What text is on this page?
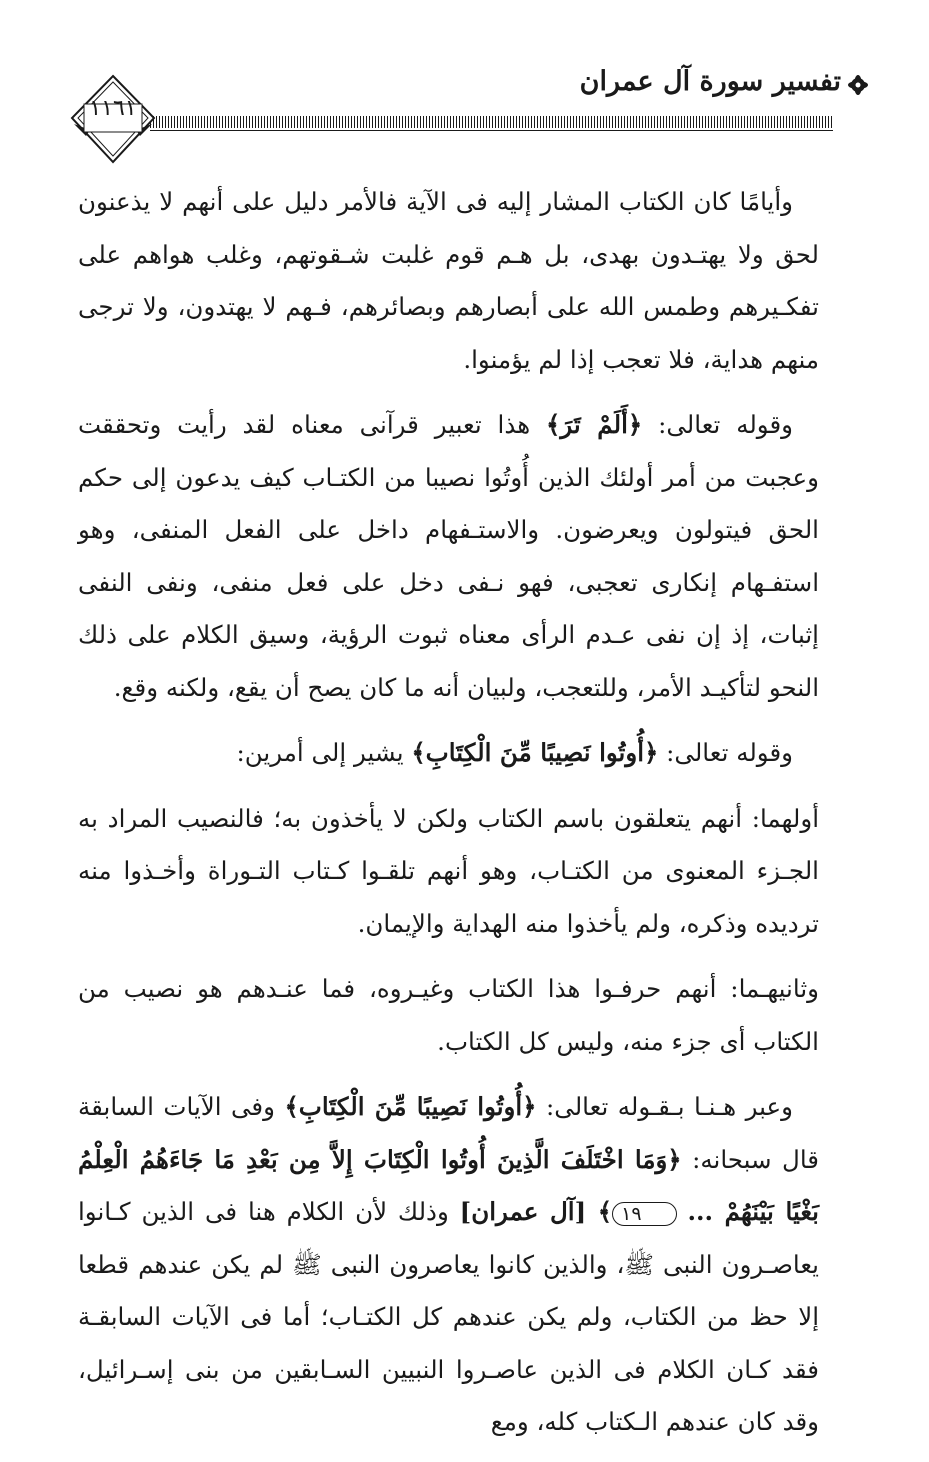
تفسير سورة آل عمران
١١٦١

وأيامًا كان الكتاب المشار إليه فى الآية فالأمر دليل على أنهم لا يذعنون لحق ولا يهتـدون بهدى، بل هـم قوم غلبت شـقوتهم، وغلب هواهم على تفكـيرهم وطمس الله على أبصارهم وبصائرهم، فـهم لا يهتدون، ولا ترجى منهم هداية، فلا تعجب إذا لم يؤمنوا.

وقوله تعالى: ﴿أَلَمْ تَرَ﴾ هذا تعبير قرآنى معناه لقد رأيت وتحققت وعجبت من أمر أولئك الذين أُوتُوا نصيبا من الكتـاب كيف يدعون إلى حكم الحق فيتولون ويعرضون. والاستـفهام داخل على الفعل المنفى، وهو استفـهام إنكارى تعجبى، فهو نـفى دخل على فعل منفى، ونفى النفى إثبات، إذ إن نفى عـدم الرأى معناه ثبوت الرؤية، وسيق الكلام على ذلك النحو لتأكيـد الأمر، وللتعجب، ولبيان أنه ما كان يصح أن يقع، ولكنه وقع.

وقوله تعالى: ﴿أُوتُوا نَصِيبًا مِّنَ الْكِتَابِ﴾ يشير إلى أمرين:

أولهما: أنهم يتعلقون باسم الكتاب ولكن لا يأخذون به؛ فالنصيب المراد به الجـزء المعنوى من الكتـاب، وهو أنهم تلقـوا كـتاب التـوراة وأخـذوا منه ترديده وذكره، ولم يأخذوا منه الهداية والإيمان.

وثانيهـما: أنهم حرفـوا هذا الكتاب وغيـروه، فما عنـدهم هو نصيب من الكتاب أى جزء منه، وليس كل الكتاب.

وعبر هـنـا بـقـوله تعالى: ﴿أُوتُوا نَصِيبًا مِّنَ الْكِتَابِ﴾ وفى الآيات السابقة قال سبحانه: ﴿وَمَا اخْتَلَفَ الَّذِينَ أُوتُوا الْكِتَابَ إِلاَّ مِن بَعْدِ مَا جَاءَهُمُ الْعِلْمُ بَغْيًا بَيْنَهُمْ ... ١٩﴾ [آل عمران] وذلك لأن الكلام هنا فى الذين كـانوا يعاصـرون النبى ﷺ، والذين كانوا يعاصرون النبى ﷺ لم يكن عندهم قطعا إلا حظ من الكتاب، ولم يكن عندهم كل الكتـاب؛ أما فى الآيات السابقـة فقد كـان الكلام فى الذين عاصـروا النبيين السـابقين من بنى إسـرائيل، وقد كان عندهم الـكتاب كله، ومع
